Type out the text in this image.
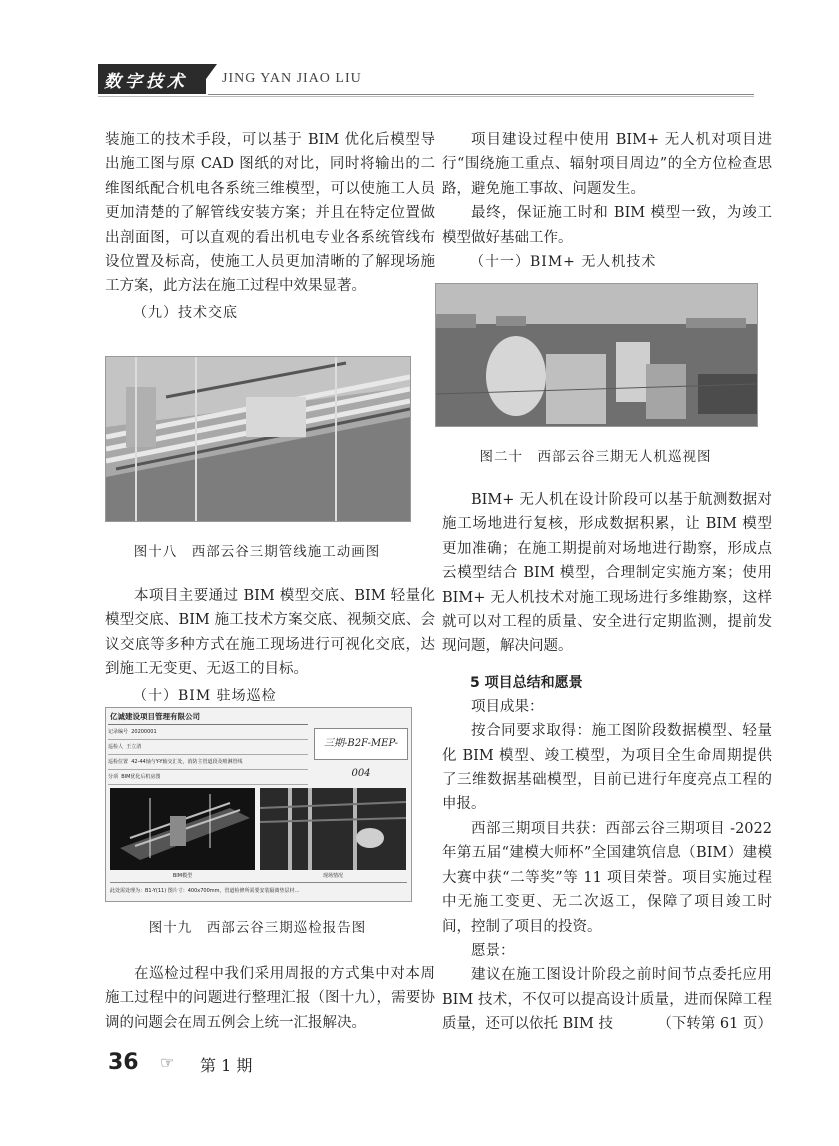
数字技术 JING YAN JIAO LIU

装施工的技术手段，可以基于 BIM 优化后模型导出施工图与原 CAD 图纸的对比，同时将输出的二维图纸配合机电各系统三维模型，可以使施工人员更加清楚的了解管线安装方案；并且在特定位置做出剖面图，可以直观的看出机电专业各系统管线布设位置及标高，使施工人员更加清晰的了解现场施工方案，此方法在施工过程中效果显著。

（九）技术交底
图十八　西部云谷三期管线施工动画图

本项目主要通过 BIM 模型交底、BIM 轻量化模型交底、BIM 施工技术方案交底、视频交底、会议交底等多种方式在施工现场进行可视化交底，达到施工无变更、无返工的目标。

（十）BIM 驻场巡检
亿诚建设项目管理有限公司
记录编号 20200001
巡检人 王立清
巡检位置 42-44轴与Y-Y轴交汇处，消防主管道段及喷淋管线
分项 BIM优化后机房图
三期-B2F-MEP-004
BIM模型	现场情况
此处需处理为：B1-Y(11) 图片寸：400x700mm，管道检修所需要安装隔离垫层材…
图十九　西部云谷三期巡检报告图

在巡检过程中我们采用周报的方式集中对本周施工过程中的问题进行整理汇报（图十九），需要协调的问题会在周五例会上统一汇报解决。

项目建设过程中使用 BIM+ 无人机对项目进行“围绕施工重点、辐射项目周边”的全方位检查思路，避免施工事故、问题发生。

最终，保证施工时和 BIM 模型一致，为竣工模型做好基础工作。

（十一）BIM+ 无人机技术
图二十　西部云谷三期无人机巡视图

BIM+ 无人机在设计阶段可以基于航测数据对施工场地进行复核，形成数据积累，让 BIM 模型更加准确；在施工期提前对场地进行勘察，形成点云模型结合 BIM 模型，合理制定实施方案；使用 BIM+ 无人机技术对施工现场进行多维勘察，这样就可以对工程的质量、安全进行定期监测，提前发现问题，解决问题。

5 项目总结和愿景

项目成果：

按合同要求取得：施工图阶段数据模型、轻量化 BIM 模型、竣工模型，为项目全生命周期提供了三维数据基础模型，目前已进行年度亮点工程的申报。

西部三期项目共获：西部云谷三期项目 -2022 年第五届“建模大师杯”全国建筑信息（BIM）建模大赛中获“二等奖”等 11 项目荣誉。项目实施过程中无施工变更、无二次返工，保障了项目竣工时间，控制了项目的投资。

愿景：

建议在施工图设计阶段之前时间节点委托应用 BIM 技术，不仅可以提高设计质量，进而保障工程质量，还可以依托 BIM 技	（下转第 61 页）

36 ☞ 第 1 期
